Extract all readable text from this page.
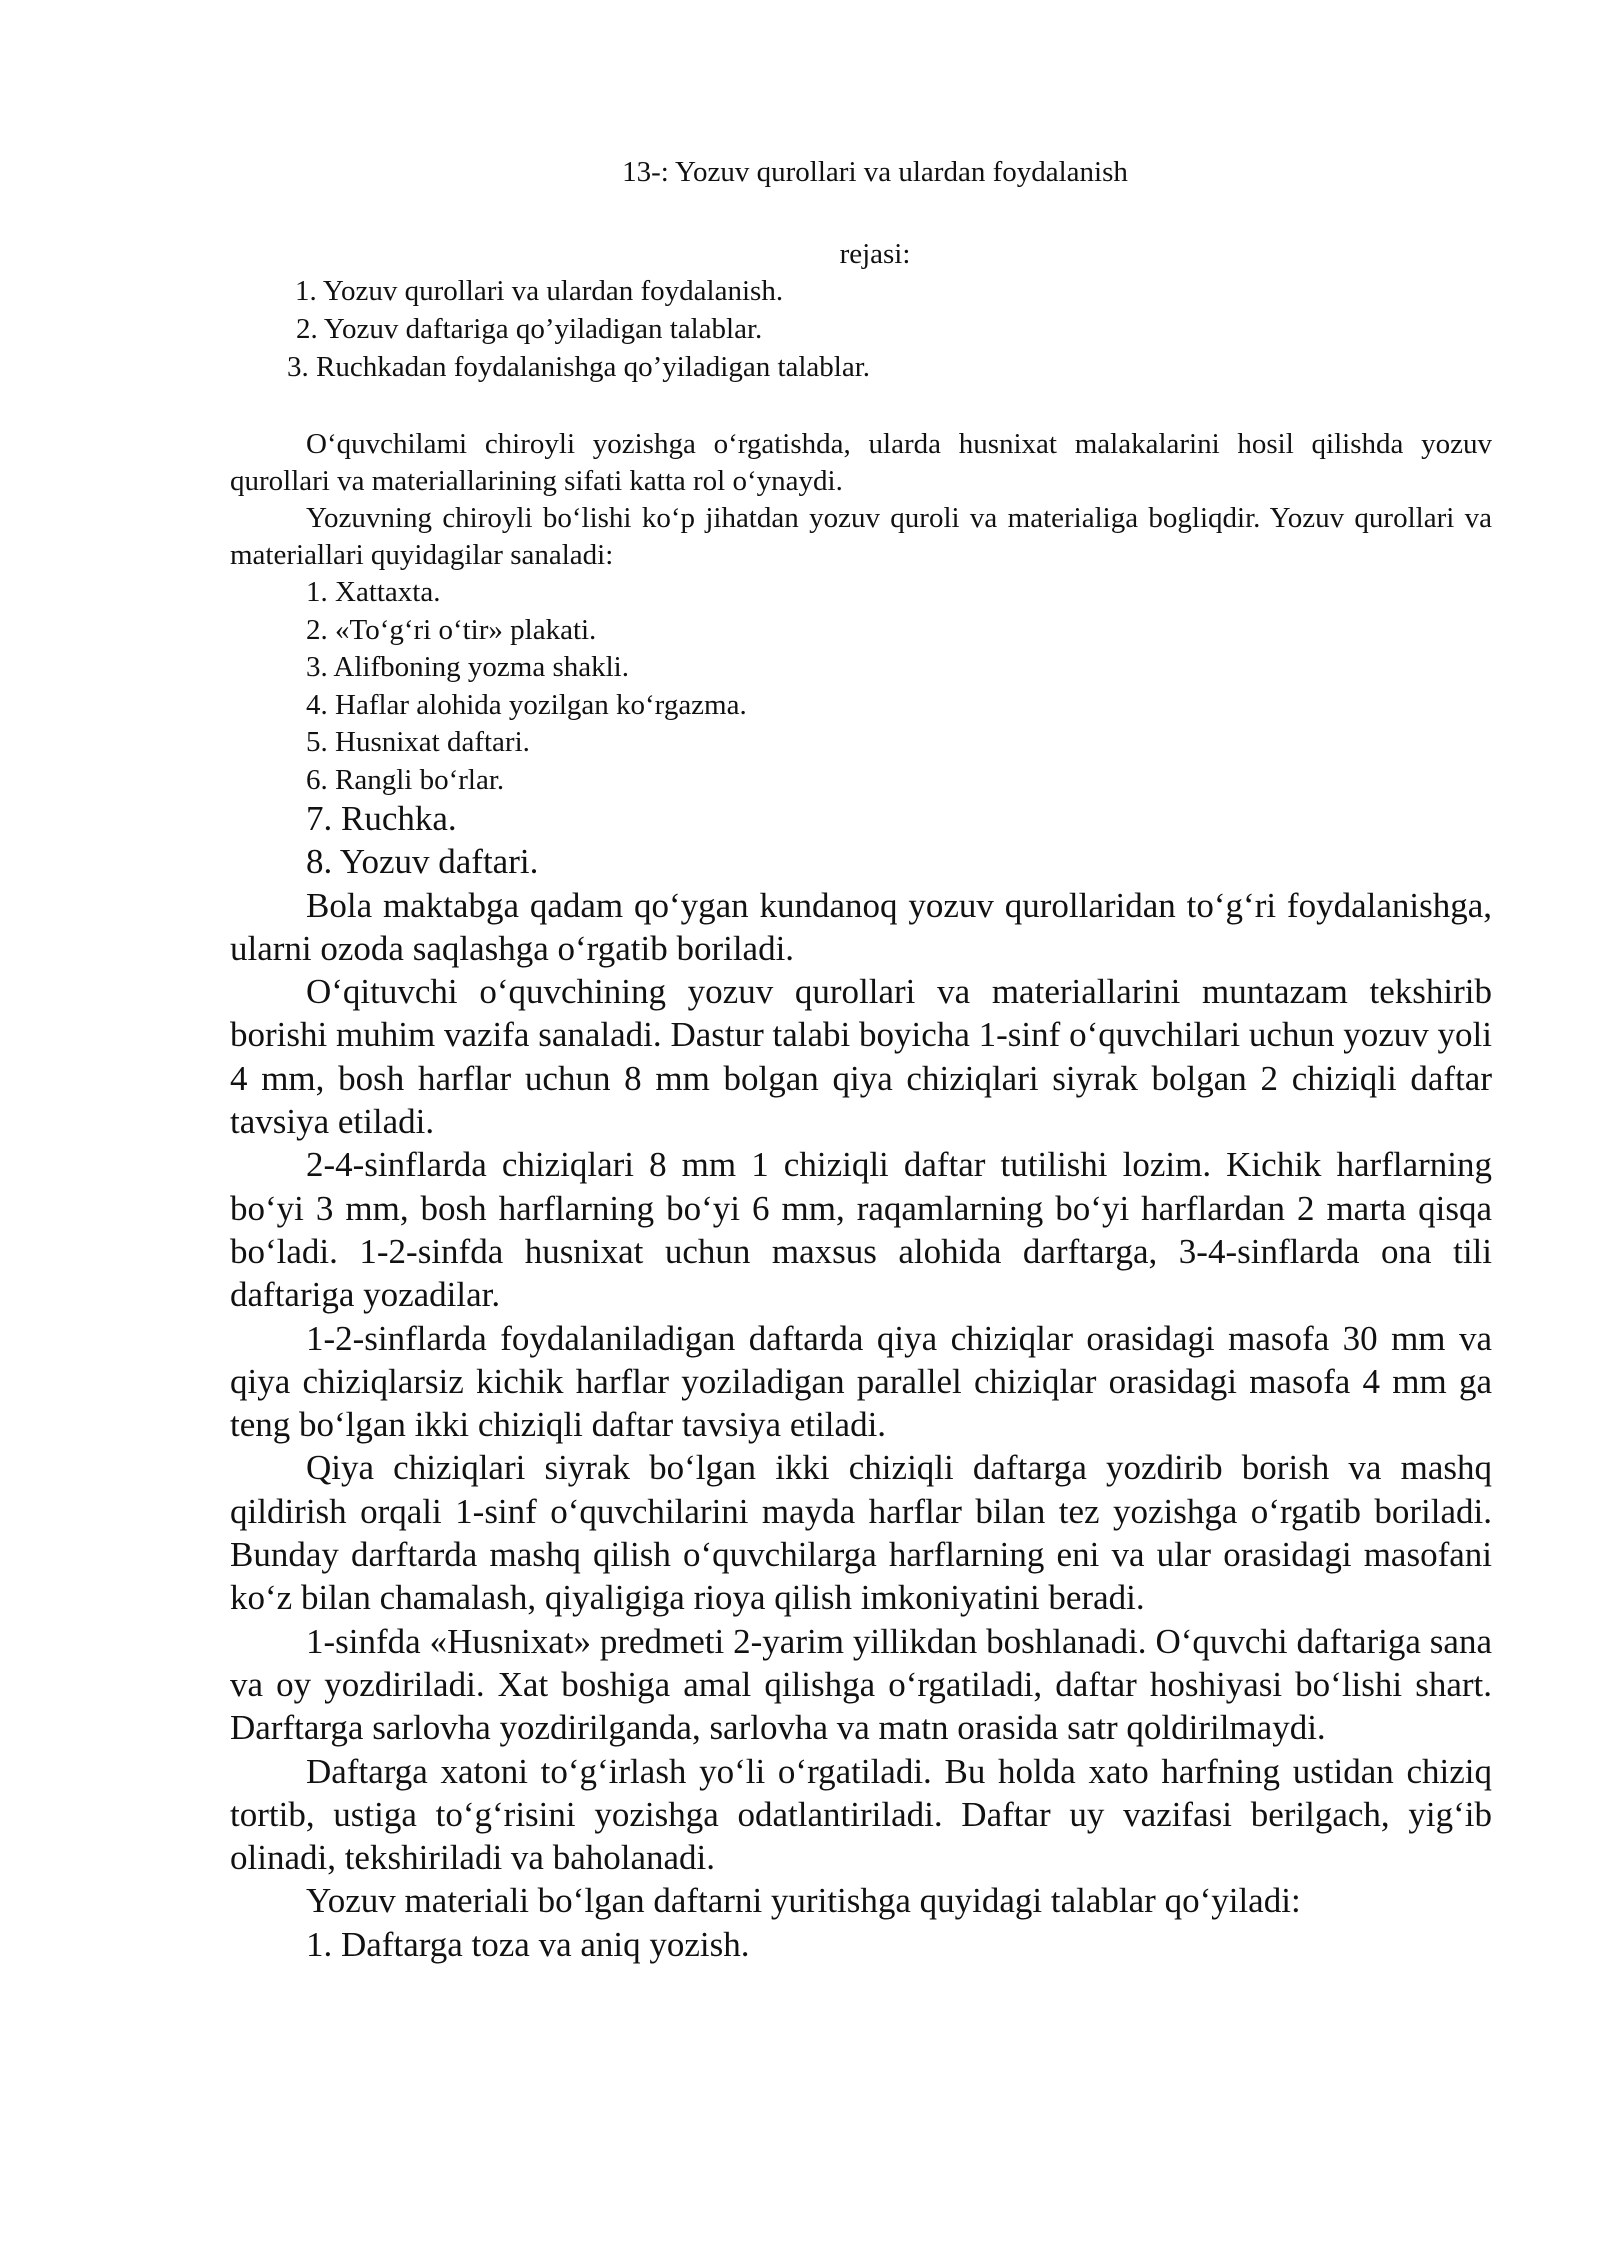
13-: Yozuv qurollari va ulardan foydalanish
rejasi:
1. Yozuv qurollari va ulardan foydalanish.
2. Yozuv daftariga qo’yiladigan talablar.
3. Ruchkadan foydalanishga qo’yiladigan talablar.

O‘quvchilami chiroyli yozishga o‘rgatishda, ularda husnixat malakalarini hosil qilishda yozuv qurollari va materiallarining sifati katta rol o‘ynaydi.

Yozuvning chiroyli bo‘lishi ko‘p jihatdan yozuv quroli va materialiga bogliqdir. Yozuv qurollari va materiallari quyidagilar sanaladi:

1. Xattaxta.
2. «To‘g‘ri o‘tir» plakati.
3. Alifboning yozma shakli.
4. Haflar alohida yozilgan ko‘rgazma.
5. Husnixat daftari.
6. Rangli bo‘rlar.
7. Ruchka.
8. Yozuv daftari.

Bola maktabga qadam qo‘ygan kundanoq yozuv qurollaridan to‘g‘ri foydalanishga, ularni ozoda saqlashga o‘rgatib boriladi.

O‘qituvchi o‘quvchining yozuv qurollari va materiallarini muntazam tekshirib borishi muhim vazifa sanaladi. Dastur talabi boyicha 1-sinf o‘quvchilari uchun yozuv yoli 4 mm, bosh harflar uchun 8 mm bolgan qiya chiziqlari siyrak bolgan 2 chiziqli daftar tavsiya etiladi.

2-4-sinflarda chiziqlari 8 mm 1 chiziqli daftar tutilishi lozim. Kichik harflarning bo‘yi 3 mm, bosh harflarning bo‘yi 6 mm, raqamlarning bo‘yi harflardan 2 marta qisqa bo‘ladi. 1-2-sinfda husnixat uchun maxsus alohida darftarga, 3-4-sinflarda ona tili daftariga yozadilar.

1-2-sinflarda foydalaniladigan daftarda qiya chiziqlar orasidagi masofa 30 mm va qiya chiziqlarsiz kichik harflar yoziladigan parallel chiziqlar orasidagi masofa 4 mm ga teng bo‘lgan ikki chiziqli daftar tavsiya etiladi.

Qiya chiziqlari siyrak bo‘lgan ikki chiziqli daftarga yozdirib borish va mashq qildirish orqali 1-sinf o‘quvchilarini mayda harflar bilan tez yozishga o‘rgatib boriladi. Bunday darftarda mashq qilish o‘quvchilarga harflarning eni va ular orasidagi masofani ko‘z bilan chamalash, qiyaligiga rioya qilish imkoniyatini beradi.

1-sinfda «Husnixat» predmeti 2-yarim yillikdan boshlanadi. O‘quvchi daftariga sana va oy yozdiriladi. Xat boshiga amal qilishga o‘rgatiladi, daftar hoshiyasi bo‘lishi shart. Darftarga sarlovha yozdirilganda, sarlovha va matn orasida satr qoldirilmaydi.

Daftarga xatoni to‘g‘irlash yo‘li o‘rgatiladi. Bu holda xato harfning ustidan chiziq tortib, ustiga to‘g‘risini yozishga odatlantiriladi. Daftar uy vazifasi berilgach, yig‘ib olinadi, tekshiriladi va baholanadi.

Yozuv materiali bo‘lgan daftarni yuritishga quyidagi talablar qo‘yiladi:

1. Daftarga toza va aniq yozish.
